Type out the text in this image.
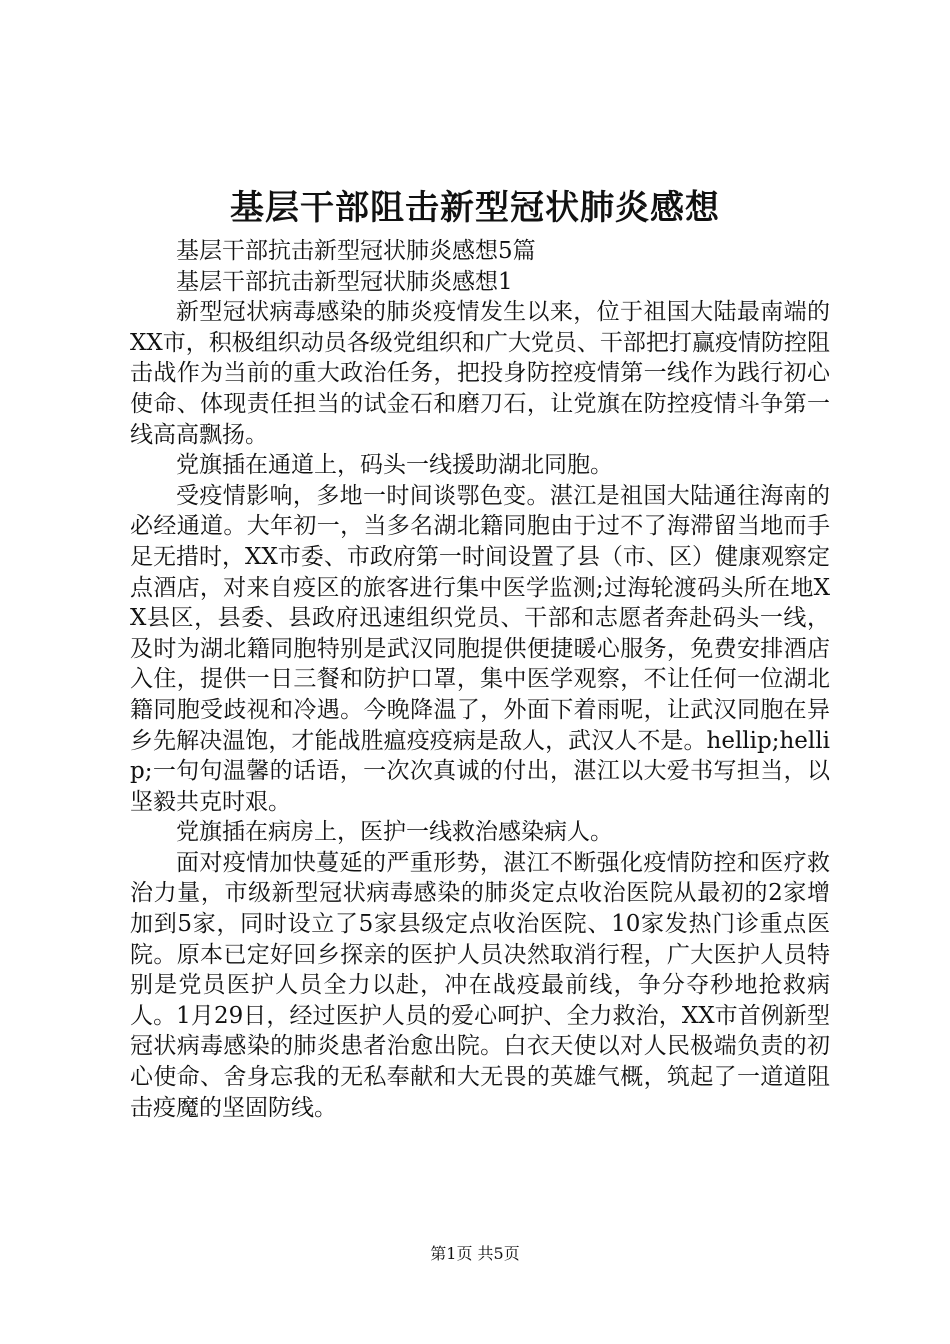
基层干部阻击新型冠状肺炎感想

基层干部抗击新型冠状肺炎感想5篇

基层干部抗击新型冠状肺炎感想1

新型冠状病毒感染的肺炎疫情发生以来，位于祖国大陆最南端的XX市，积极组织动员各级党组织和广大党员、干部把打赢疫情防控阻击战作为当前的重大政治任务，把投身防控疫情第一线作为践行初心使命、体现责任担当的试金石和磨刀石，让党旗在防控疫情斗争第一线高高飘扬。

党旗插在通道上，码头一线援助湖北同胞。

受疫情影响，多地一时间谈鄂色变。湛江是祖国大陆通往海南的必经通道。大年初一，当多名湖北籍同胞由于过不了海滞留当地而手足无措时，XX市委、市政府第一时间设置了县（市、区）健康观察定点酒店，对来自疫区的旅客进行集中医学监测;过海轮渡码头所在地XX县区，县委、县政府迅速组织党员、干部和志愿者奔赴码头一线，及时为湖北籍同胞特别是武汉同胞提供便捷暖心服务，免费安排酒店入住，提供一日三餐和防护口罩，集中医学观察，不让任何一位湖北籍同胞受歧视和冷遇。今晚降温了，外面下着雨呢，让武汉同胞在异乡先解决温饱，才能战胜瘟疫疫病是敌人，武汉人不是。hellip;hellip;一句句温馨的话语，一次次真诚的付出，湛江以大爱书写担当，以坚毅共克时艰。

党旗插在病房上，医护一线救治感染病人。

面对疫情加快蔓延的严重形势，湛江不断强化疫情防控和医疗救治力量，市级新型冠状病毒感染的肺炎定点收治医院从最初的2家增加到5家，同时设立了5家县级定点收治医院、10家发热门诊重点医院。原本已定好回乡探亲的医护人员决然取消行程，广大医护人员特别是党员医护人员全力以赴，冲在战疫最前线，争分夺秒地抢救病人。1月29日，经过医护人员的爱心呵护、全力救治，XX市首例新型冠状病毒感染的肺炎患者治愈出院。白衣天使以对人民极端负责的初心使命、舍身忘我的无私奉献和大无畏的英雄气概，筑起了一道道阻击疫魔的坚固防线。

第1页 共5页
